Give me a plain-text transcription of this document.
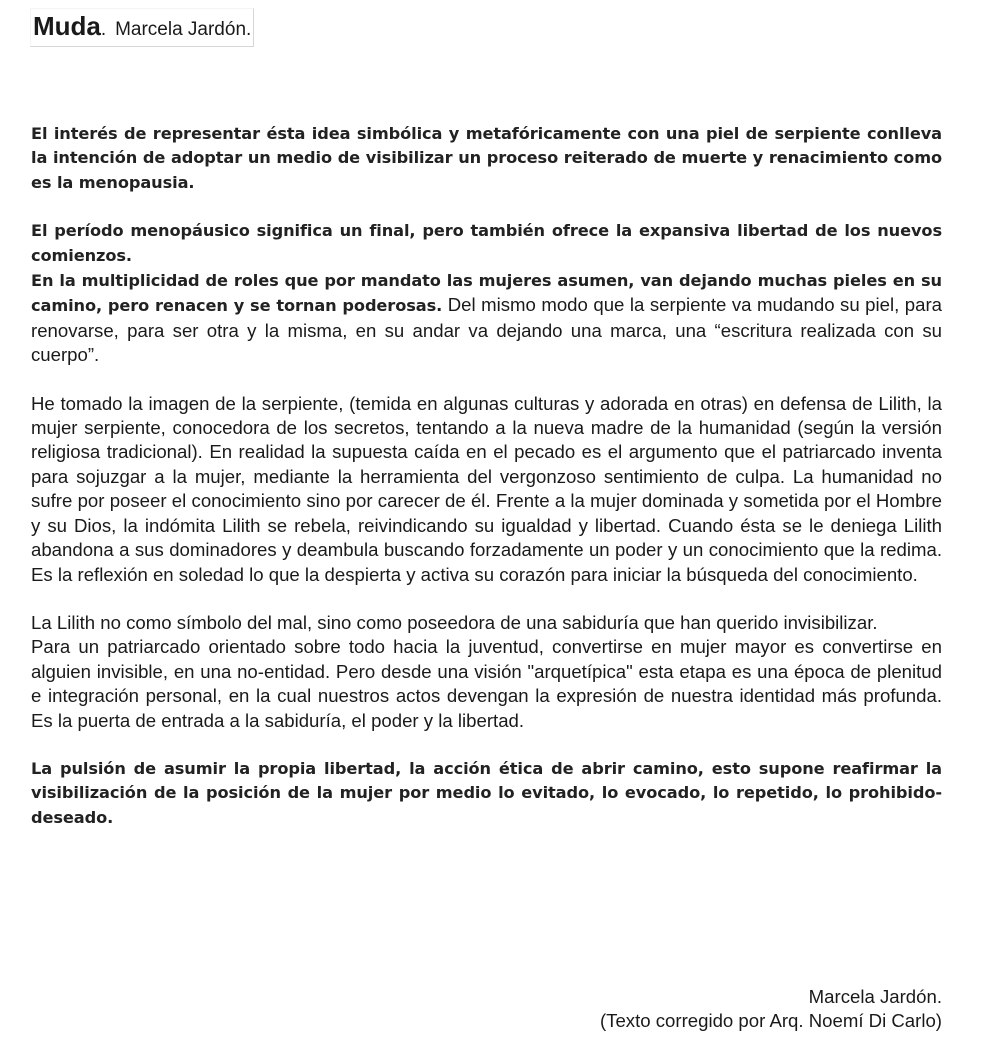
Muda. Marcela Jardón.

El interés de representar ésta idea simbólica y metafóricamente con una piel de serpiente conlleva la intención de adoptar un medio de visibilizar un proceso reiterado de muerte y renacimiento como es la menopausia.

El período menopáusico significa un final, pero también ofrece la expansiva libertad de los nuevos comienzos.

En la multiplicidad de roles que por mandato las mujeres asumen, van dejando muchas pieles en su camino, pero renacen y se tornan poderosas. Del mismo modo que la serpiente va mudando su piel, para renovarse, para ser otra y la misma, en su andar va dejando una marca, una “escritura realizada con su cuerpo”.

He tomado la imagen de la serpiente, (temida en algunas culturas y adorada en otras) en defensa de Lilith, la mujer serpiente, conocedora de los secretos, tentando a la nueva madre de la humanidad (según la versión religiosa tradicional). En realidad la supuesta caída en el pecado es el argumento que el patriarcado inventa para sojuzgar a la mujer, mediante la herramienta del vergonzoso sentimiento de culpa. La humanidad no sufre por poseer el conocimiento sino por carecer de él. Frente a la mujer dominada y sometida por el Hombre y su Dios, la indómita Lilith se rebela, reivindicando su igualdad y libertad. Cuando ésta se le deniega Lilith abandona a sus dominadores y deambula buscando forzadamente un poder y un conocimiento que la redima. Es la reflexión en soledad lo que la despierta y activa su corazón para iniciar la búsqueda del conocimiento.

La Lilith no como símbolo del mal, sino como poseedora de una sabiduría que han querido invisibilizar.

Para un patriarcado orientado sobre todo hacia la juventud, convertirse en mujer mayor es convertirse en alguien invisible, en una no-entidad. Pero desde una visión "arquetípica" esta etapa es una época de plenitud e integración personal, en la cual nuestros actos devengan la expresión de nuestra identidad más profunda. Es la puerta de entrada a la sabiduría, el poder y la libertad.

La pulsión de asumir la propia libertad, la acción ética de abrir camino, esto supone reafirmar la visibilización de la posición de la mujer por medio lo evitado, lo evocado, lo repetido, lo prohibido-deseado.

Marcela Jardón.
(Texto corregido por Arq. Noemí Di Carlo)
